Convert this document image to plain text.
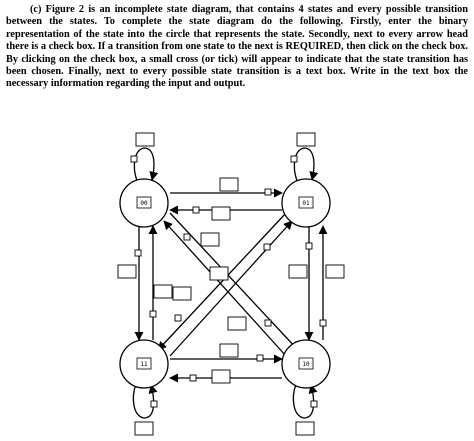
(c) Figure 2 is an incomplete state diagram, that contains 4 states and every possible transition between the states. To complete the state diagram do the following. Firstly, enter the binary representation of the state into the circle that represents the state. Secondly, next to every arrow head there is a check box. If a transition from one state to the next is REQUIRED, then click on the check box. By clicking on the check box, a small cross (or tick) will appear to indicate that the state transition has been chosen. Finally, next to every possible state transition is a text box. Write in the text box the necessary information regarding the input and output.

00	01
11	10
